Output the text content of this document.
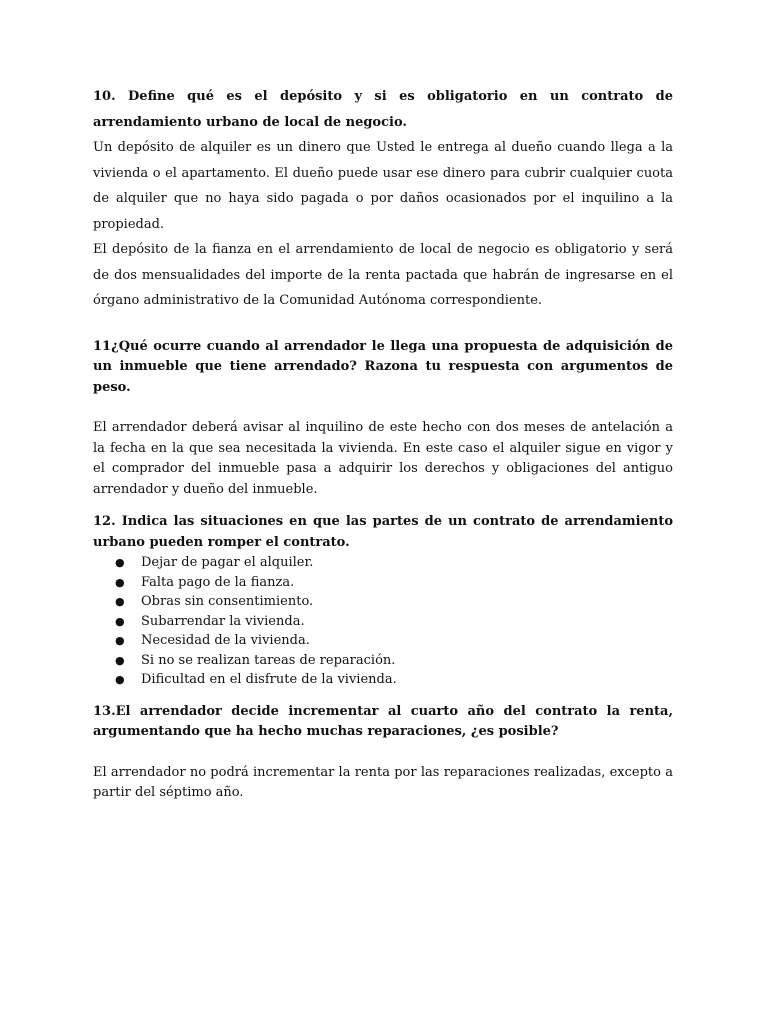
10. Define qué es el depósito y si es obligatorio en un contrato de arrendamiento urbano de local de negocio.

Un depósito de alquiler es un dinero que Usted le entrega al dueño cuando llega a la vivienda o el apartamento. El dueño puede usar ese dinero para cubrir cualquier cuota de alquiler que no haya sido pagada o por daños ocasionados por el inquilino a la propiedad.

El depósito de la fianza en el arrendamiento de local de negocio es obligatorio y será de dos mensualidades del importe de la renta pactada que habrán de ingresarse en el órgano administrativo de la Comunidad Autónoma correspondiente.

11¿Qué ocurre cuando al arrendador le llega una propuesta de adquisición de un inmueble que tiene arrendado? Razona tu respuesta con argumentos de peso.

El arrendador deberá avisar al inquilino de este hecho con dos meses de antelación a la fecha en la que sea necesitada la vivienda. En este caso el alquiler sigue en vigor y el comprador del inmueble pasa a adquirir los derechos y obligaciones del antiguo arrendador y dueño del inmueble.

12. Indica las situaciones en que las partes de un contrato de arrendamiento urbano pueden romper el contrato.

● Dejar de pagar el alquiler.
● Falta pago de la fianza.
● Obras sin consentimiento.
● Subarrendar la vivienda.
● Necesidad de la vivienda.
● Si no se realizan tareas de reparación.
● Dificultad en el disfrute de la vivienda.

13.El arrendador decide incrementar al cuarto año del contrato la renta, argumentando que ha hecho muchas reparaciones, ¿es posible?

El arrendador no podrá incrementar la renta por las reparaciones realizadas, excepto a partir del séptimo año.
